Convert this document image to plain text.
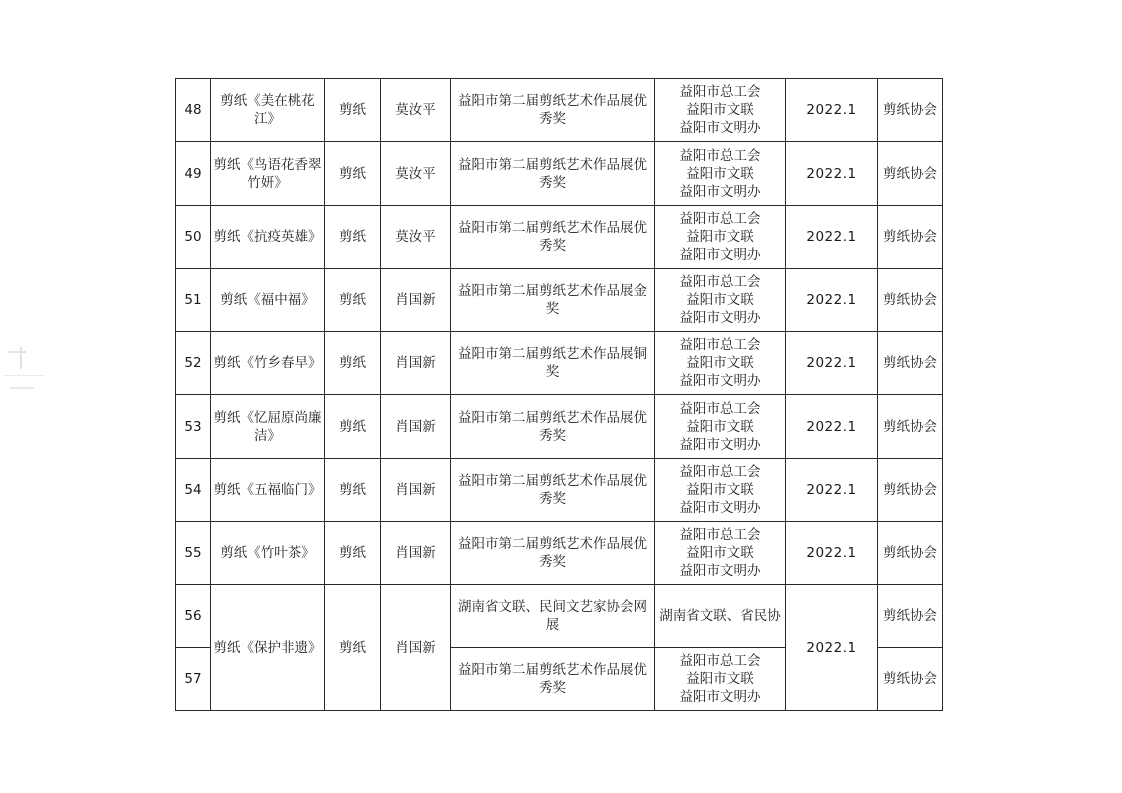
48	剪纸《美在桃花江》	剪纸	莫汝平	益阳市第二届剪纸艺术作品展优秀奖	益阳市总工会
益阳市文联
益阳市文明办	2022.1	剪纸协会
49	剪纸《鸟语花香翠竹妍》	剪纸	莫汝平	益阳市第二届剪纸艺术作品展优秀奖	益阳市总工会
益阳市文联
益阳市文明办	2022.1	剪纸协会
50	剪纸《抗疫英雄》	剪纸	莫汝平	益阳市第二届剪纸艺术作品展优秀奖	益阳市总工会
益阳市文联
益阳市文明办	2022.1	剪纸协会
51	剪纸《福中福》	剪纸	肖国新	益阳市第二届剪纸艺术作品展金奖	益阳市总工会
益阳市文联
益阳市文明办	2022.1	剪纸协会
52	剪纸《竹乡春早》	剪纸	肖国新	益阳市第二届剪纸艺术作品展铜奖	益阳市总工会
益阳市文联
益阳市文明办	2022.1	剪纸协会
53	剪纸《忆屈原尚廉洁》	剪纸	肖国新	益阳市第二届剪纸艺术作品展优秀奖	益阳市总工会
益阳市文联
益阳市文明办	2022.1	剪纸协会
54	剪纸《五福临门》	剪纸	肖国新	益阳市第二届剪纸艺术作品展优秀奖	益阳市总工会
益阳市文联
益阳市文明办	2022.1	剪纸协会
55	剪纸《竹叶茶》	剪纸	肖国新	益阳市第二届剪纸艺术作品展优秀奖	益阳市总工会
益阳市文联
益阳市文明办	2022.1	剪纸协会
56	剪纸《保护非遗》	剪纸	肖国新	湖南省文联、民间文艺家协会网展	湖南省文联、省民协	2022.1	剪纸协会
57				益阳市第二届剪纸艺术作品展优秀奖	益阳市总工会
益阳市文联
益阳市文明办		剪纸协会
